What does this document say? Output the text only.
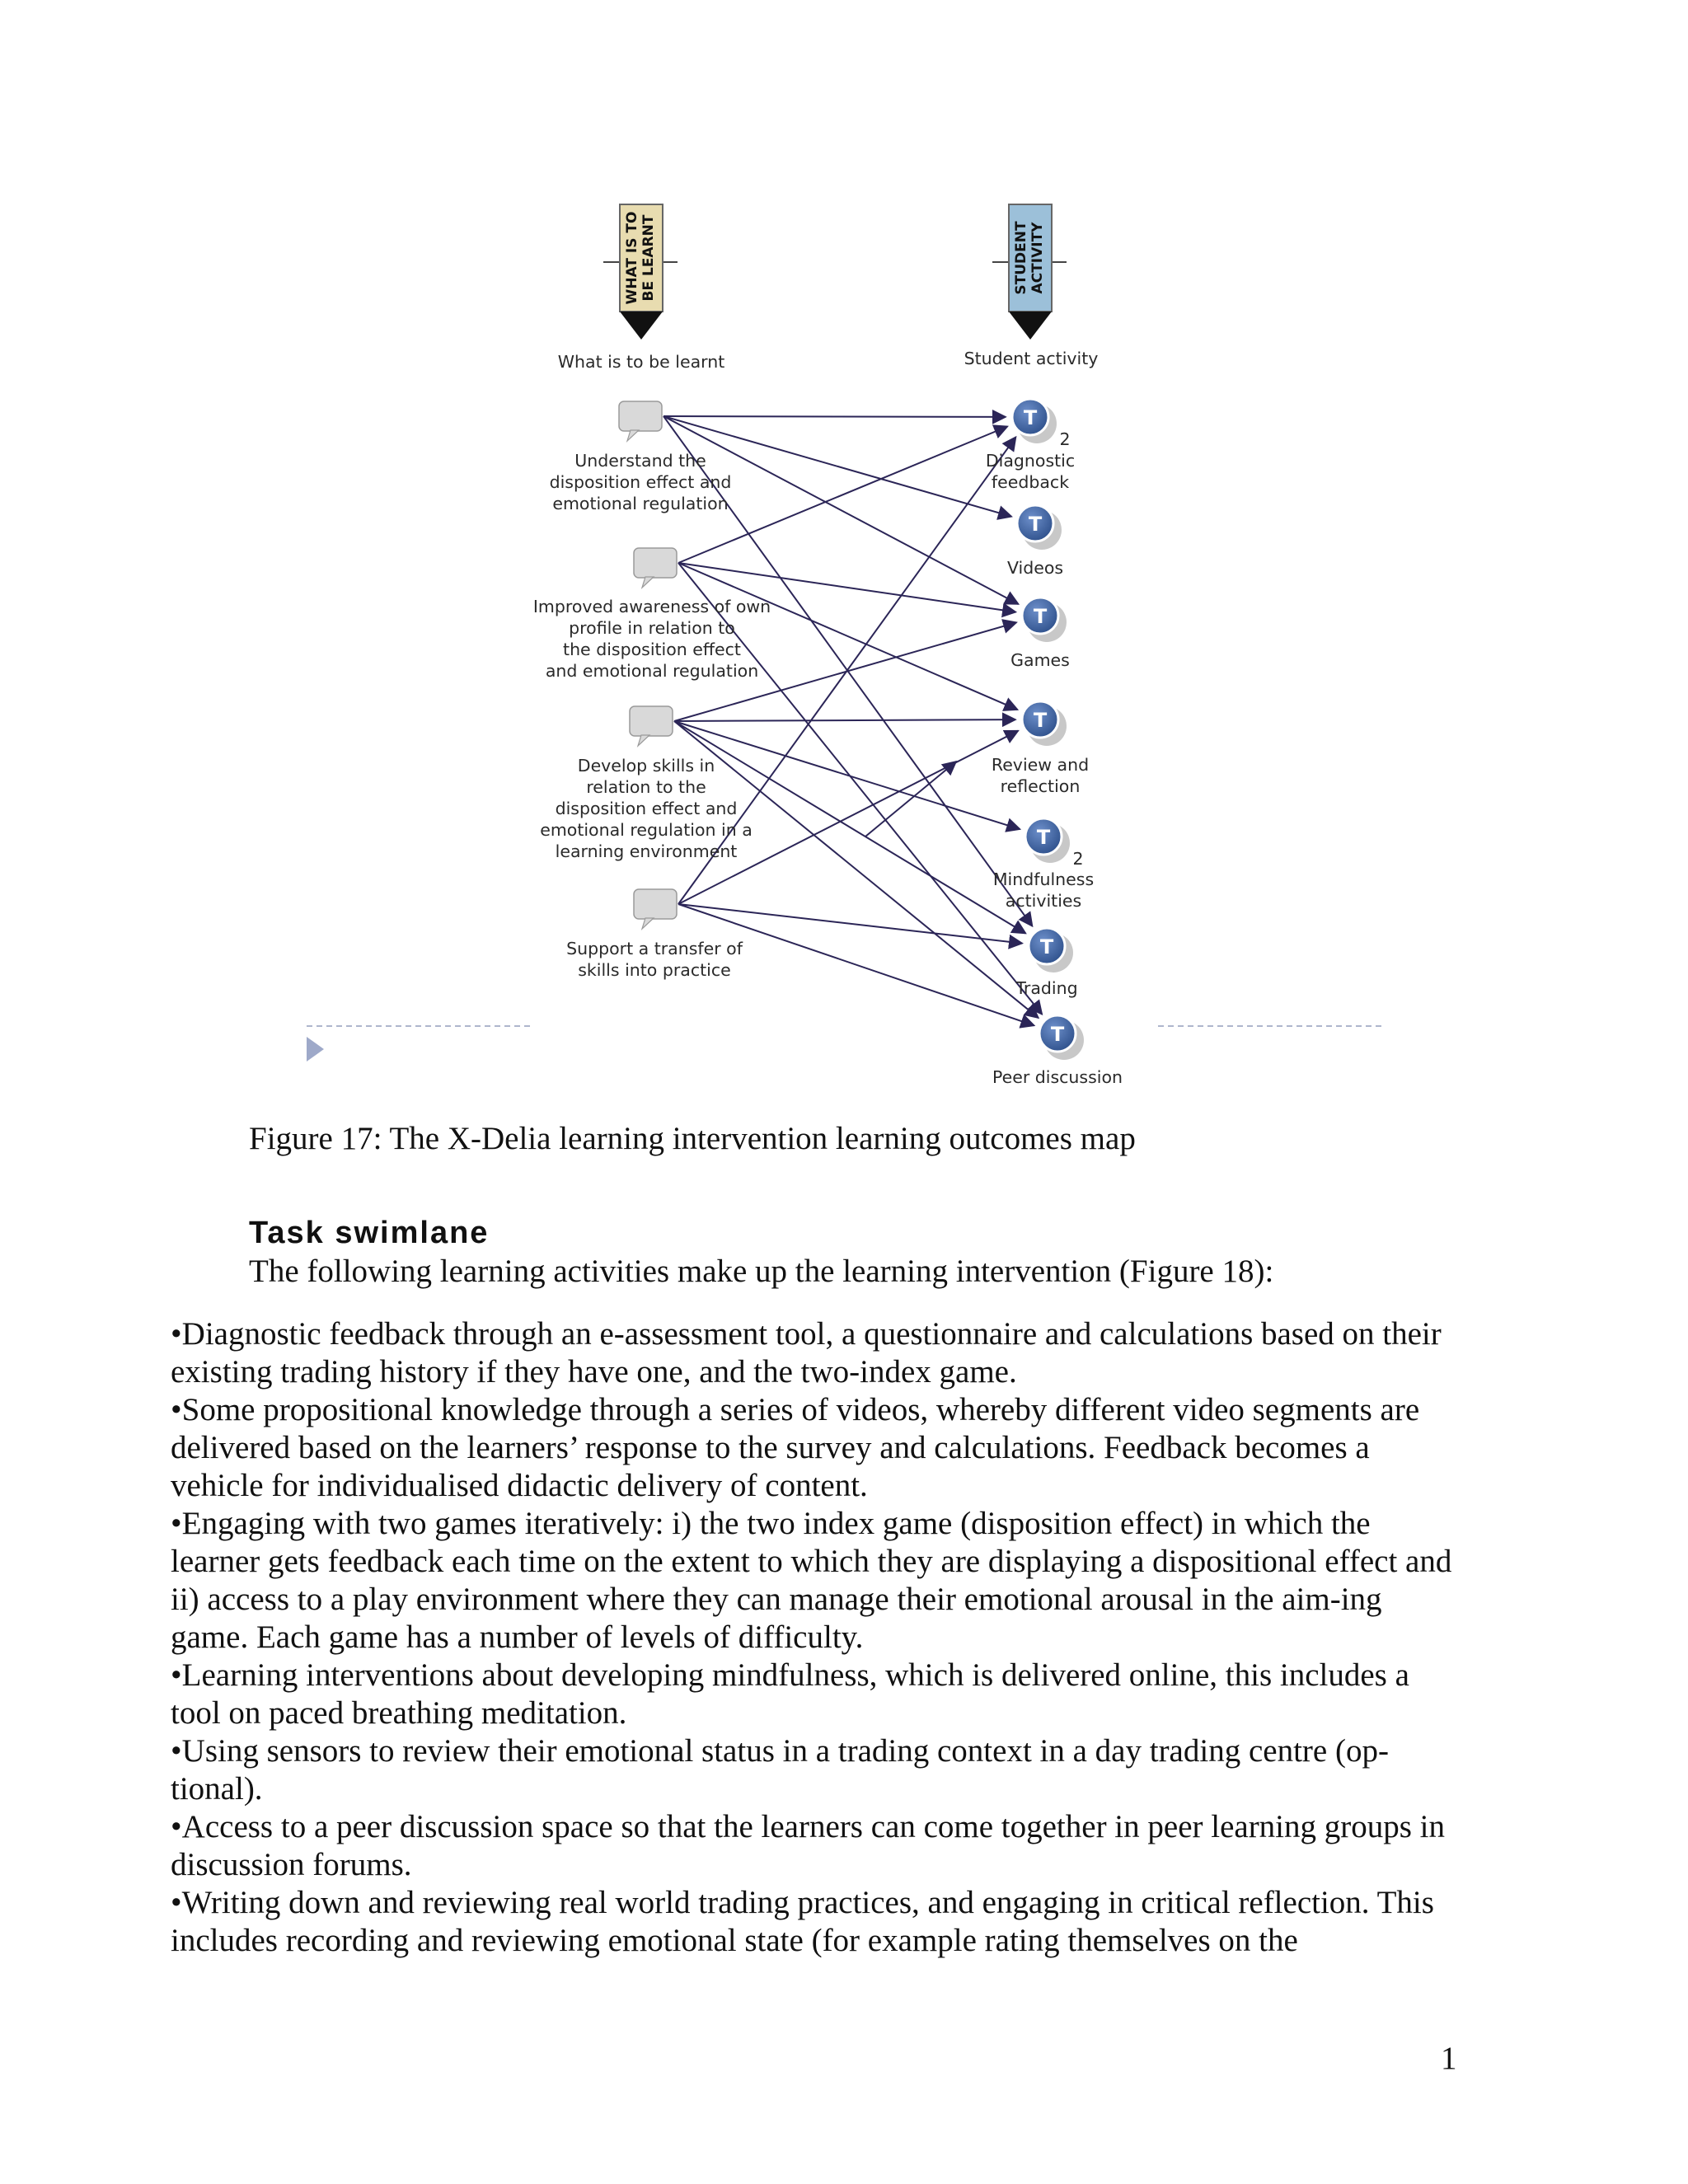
WHAT IS TO BE LEARNT
What is to be learnt
STUDENT ACTIVITY
Student activity
Understand the
disposition effect and
emotional regulation
Improved awareness of own
profile in relation to
the disposition effect
and emotional regulation
Develop skills in
relation to the
disposition effect and
emotional regulation in a
learning environment
Support a transfer of
skills into practice
T
2
Diagnostic
feedback
T
Videos
T
Games
T
Review and
reflection
T
2
Mindfulness
activities
T
Trading
T
Peer discussion
Figure 17: The X-Delia learning intervention learning outcomes map
Task swimlane
The following learning activities make up the learning intervention (Figure 18):

•Diagnostic feedback through an e-assessment tool, a questionnaire and calculations based on their existing trading history if they have one, and the two-index game.

•Some propositional knowledge through a series of videos, whereby different video segments are delivered based on the learners’ response to the survey and calculations. Feedback becomes a vehicle for individualised didactic delivery of content.

•Engaging with two games iteratively: i) the two index game (disposition effect) in which the learner gets feedback each time on the extent to which they are displaying a dispositional effect and ii) access to a play environment where they can manage their emotional arousal in the aim-ing game. Each game has a number of levels of difficulty.

•Learning interventions about developing mindfulness, which is delivered online, this includes a tool on paced breathing meditation.

•Using sensors to review their emotional status in a trading context in a day trading centre (op-tional).

•Access to a peer discussion space so that the learners can come together in peer learning groups in discussion forums.

•Writing down and reviewing real world trading practices, and engaging in critical reflection. This includes recording and reviewing emotional state (for example rating themselves on the

1
